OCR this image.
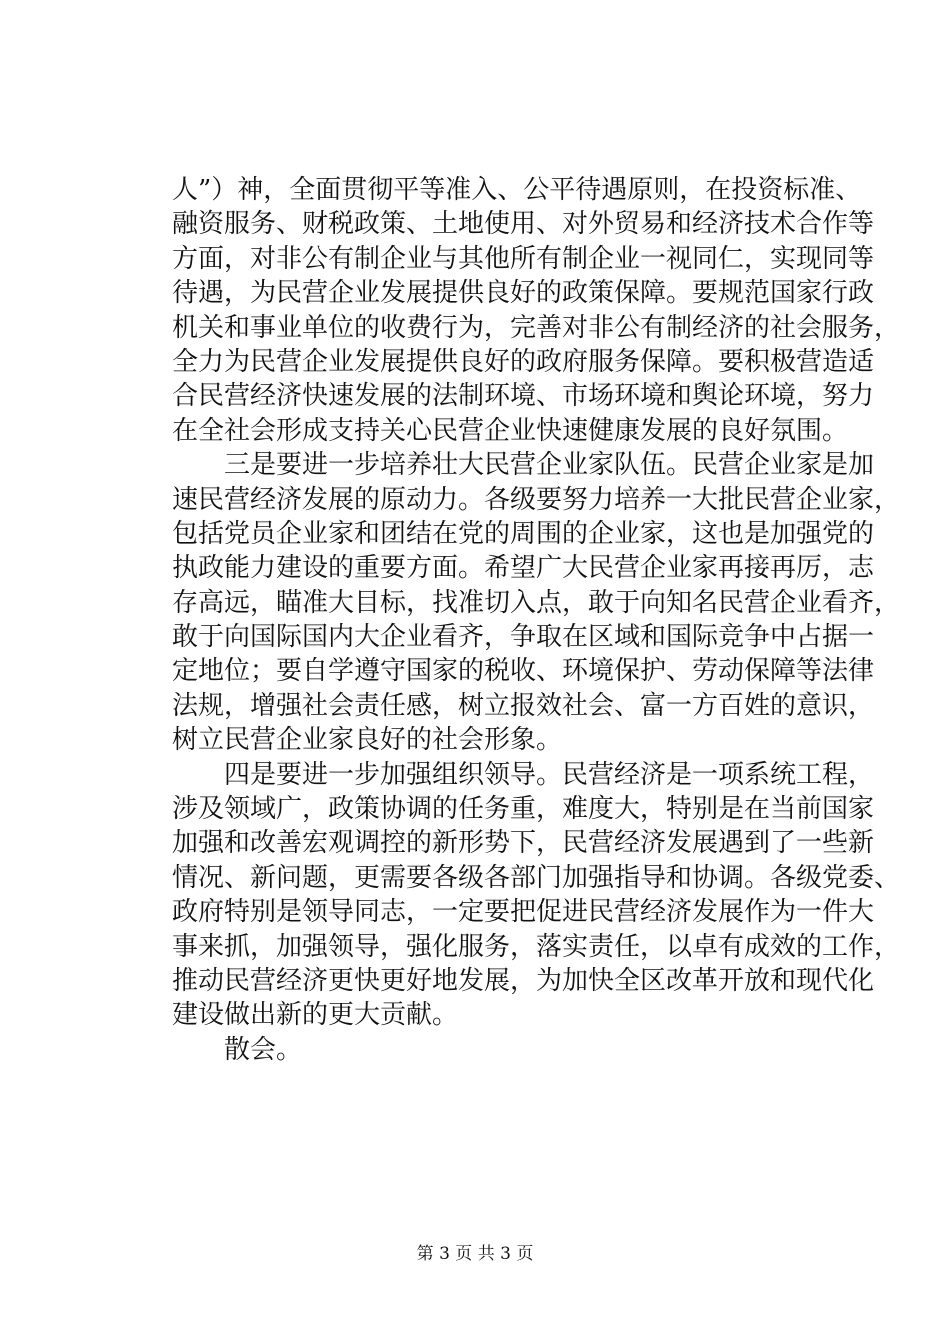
人”）神，全面贯彻平等准入、公平待遇原则，在投资标准、
融资服务、财税政策、土地使用、对外贸易和经济技术合作等
方面，对非公有制企业与其他所有制企业一视同仁，实现同等
待遇，为民营企业发展提供良好的政策保障。要规范国家行政
机关和事业单位的收费行为，完善对非公有制经济的社会服务，
全力为民营企业发展提供良好的政府服务保障。要积极营造适
合民营经济快速发展的法制环境、市场环境和舆论环境，努力
在全社会形成支持关心民营企业快速健康发展的良好氛围。
三是要进一步培养壮大民营企业家队伍。民营企业家是加
速民营经济发展的原动力。各级要努力培养一大批民营企业家，
包括党员企业家和团结在党的周围的企业家，这也是加强党的
执政能力建设的重要方面。希望广大民营企业家再接再厉，志
存高远，瞄准大目标，找准切入点，敢于向知名民营企业看齐，
敢于向国际国内大企业看齐，争取在区域和国际竞争中占据一
定地位；要自学遵守国家的税收、环境保护、劳动保障等法律
法规，增强社会责任感，树立报效社会、富一方百姓的意识，
树立民营企业家良好的社会形象。
四是要进一步加强组织领导。民营经济是一项系统工程，
涉及领域广，政策协调的任务重，难度大，特别是在当前国家
加强和改善宏观调控的新形势下，民营经济发展遇到了一些新
情况、新问题，更需要各级各部门加强指导和协调。各级党委、
政府特别是领导同志，一定要把促进民营经济发展作为一件大
事来抓，加强领导，强化服务，落实责任，以卓有成效的工作，
推动民营经济更快更好地发展，为加快全区改革开放和现代化
建设做出新的更大贡献。
散会。
第 3 页 共 3 页
